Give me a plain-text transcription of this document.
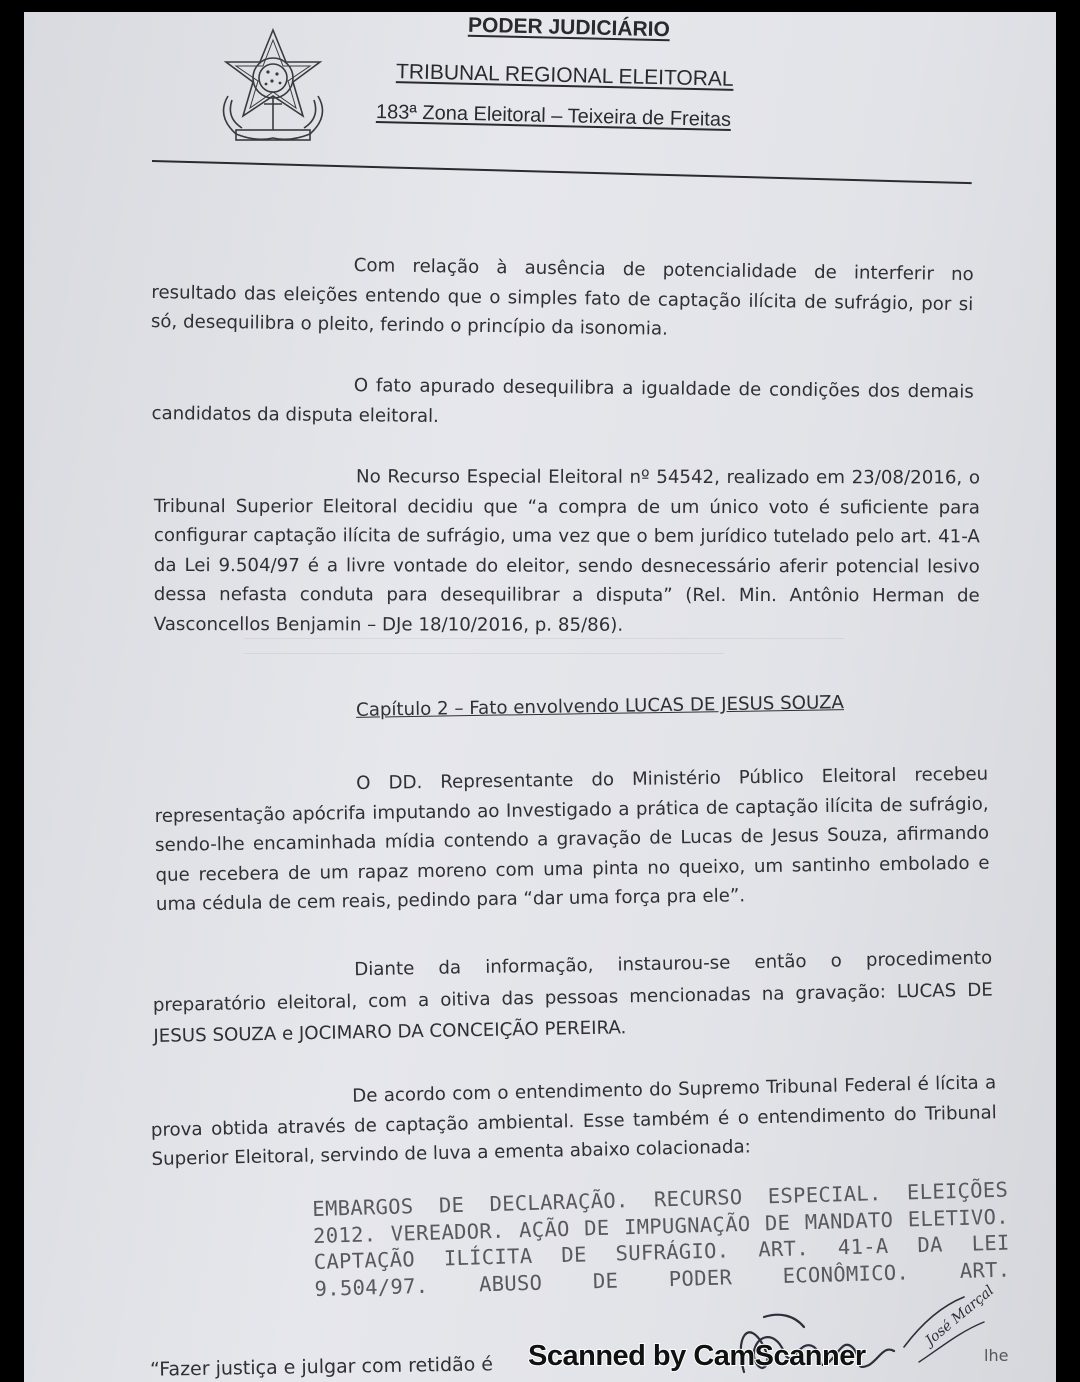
PODER JUDICIÁRIO
TRIBUNAL REGIONAL ELEITORAL
183ª Zona Eleitoral – Teixeira de Freitas

Com relação à ausência de potencialidade de interferir no resultado das eleições entendo que o simples fato de captação ilícita de sufrágio, por si só, desequilibra o pleito, ferindo o princípio da isonomia.

O fato apurado desequilibra a igualdade de condições dos demais candidatos da disputa eleitoral.

No Recurso Especial Eleitoral nº 54542, realizado em 23/08/2016, o Tribunal Superior Eleitoral decidiu que “a compra de um único voto é suficiente para configurar captação ilícita de sufrágio, uma vez que o bem jurídico tutelado pelo art. 41-A da Lei 9.504/97 é a livre vontade do eleitor, sendo desnecessário aferir potencial lesivo dessa nefasta conduta para desequilibrar a disputa” (Rel. Min. Antônio Herman de Vasconcellos Benjamin – DJe 18/10/2016, p. 85/86).

Capítulo 2 – Fato envolvendo LUCAS DE JESUS SOUZA

O DD. Representante do Ministério Público Eleitoral recebeu representação apócrifa imputando ao Investigado a prática de captação ilícita de sufrágio, sendo-lhe encaminhada mídia contendo a gravação de Lucas de Jesus Souza, afirmando que recebera de um rapaz moreno com uma pinta no queixo, um santinho embolado e uma cédula de cem reais, pedindo para “dar uma força pra ele”.

Diante da informação, instaurou-se então o procedimento preparatório eleitoral, com a oitiva das pessoas mencionadas na gravação: LUCAS DE JESUS SOUZA e JOCIMARO DA CONCEIÇÃO PEREIRA.

De acordo com o entendimento do Supremo Tribunal Federal é lícita a prova obtida através de captação ambiental. Esse também é o entendimento do Tribunal Superior Eleitoral, servindo de luva a ementa abaixo colacionada:

EMBARGOS DE DECLARAÇÃO. RECURSO ESPECIAL. ELEIÇÕES 2012. VEREADOR. AÇÃO DE IMPUGNAÇÃO DE MANDATO ELETIVO. CAPTAÇÃO ILÍCITA DE SUFRÁGIO. ART. 41-A DA LEI 9.504/97. ABUSO DE PODER ECONÔMICO. ART.
José Marçal
“Fazer justiça e julgar com retidão é	lhe
Scanned by CamScanner
